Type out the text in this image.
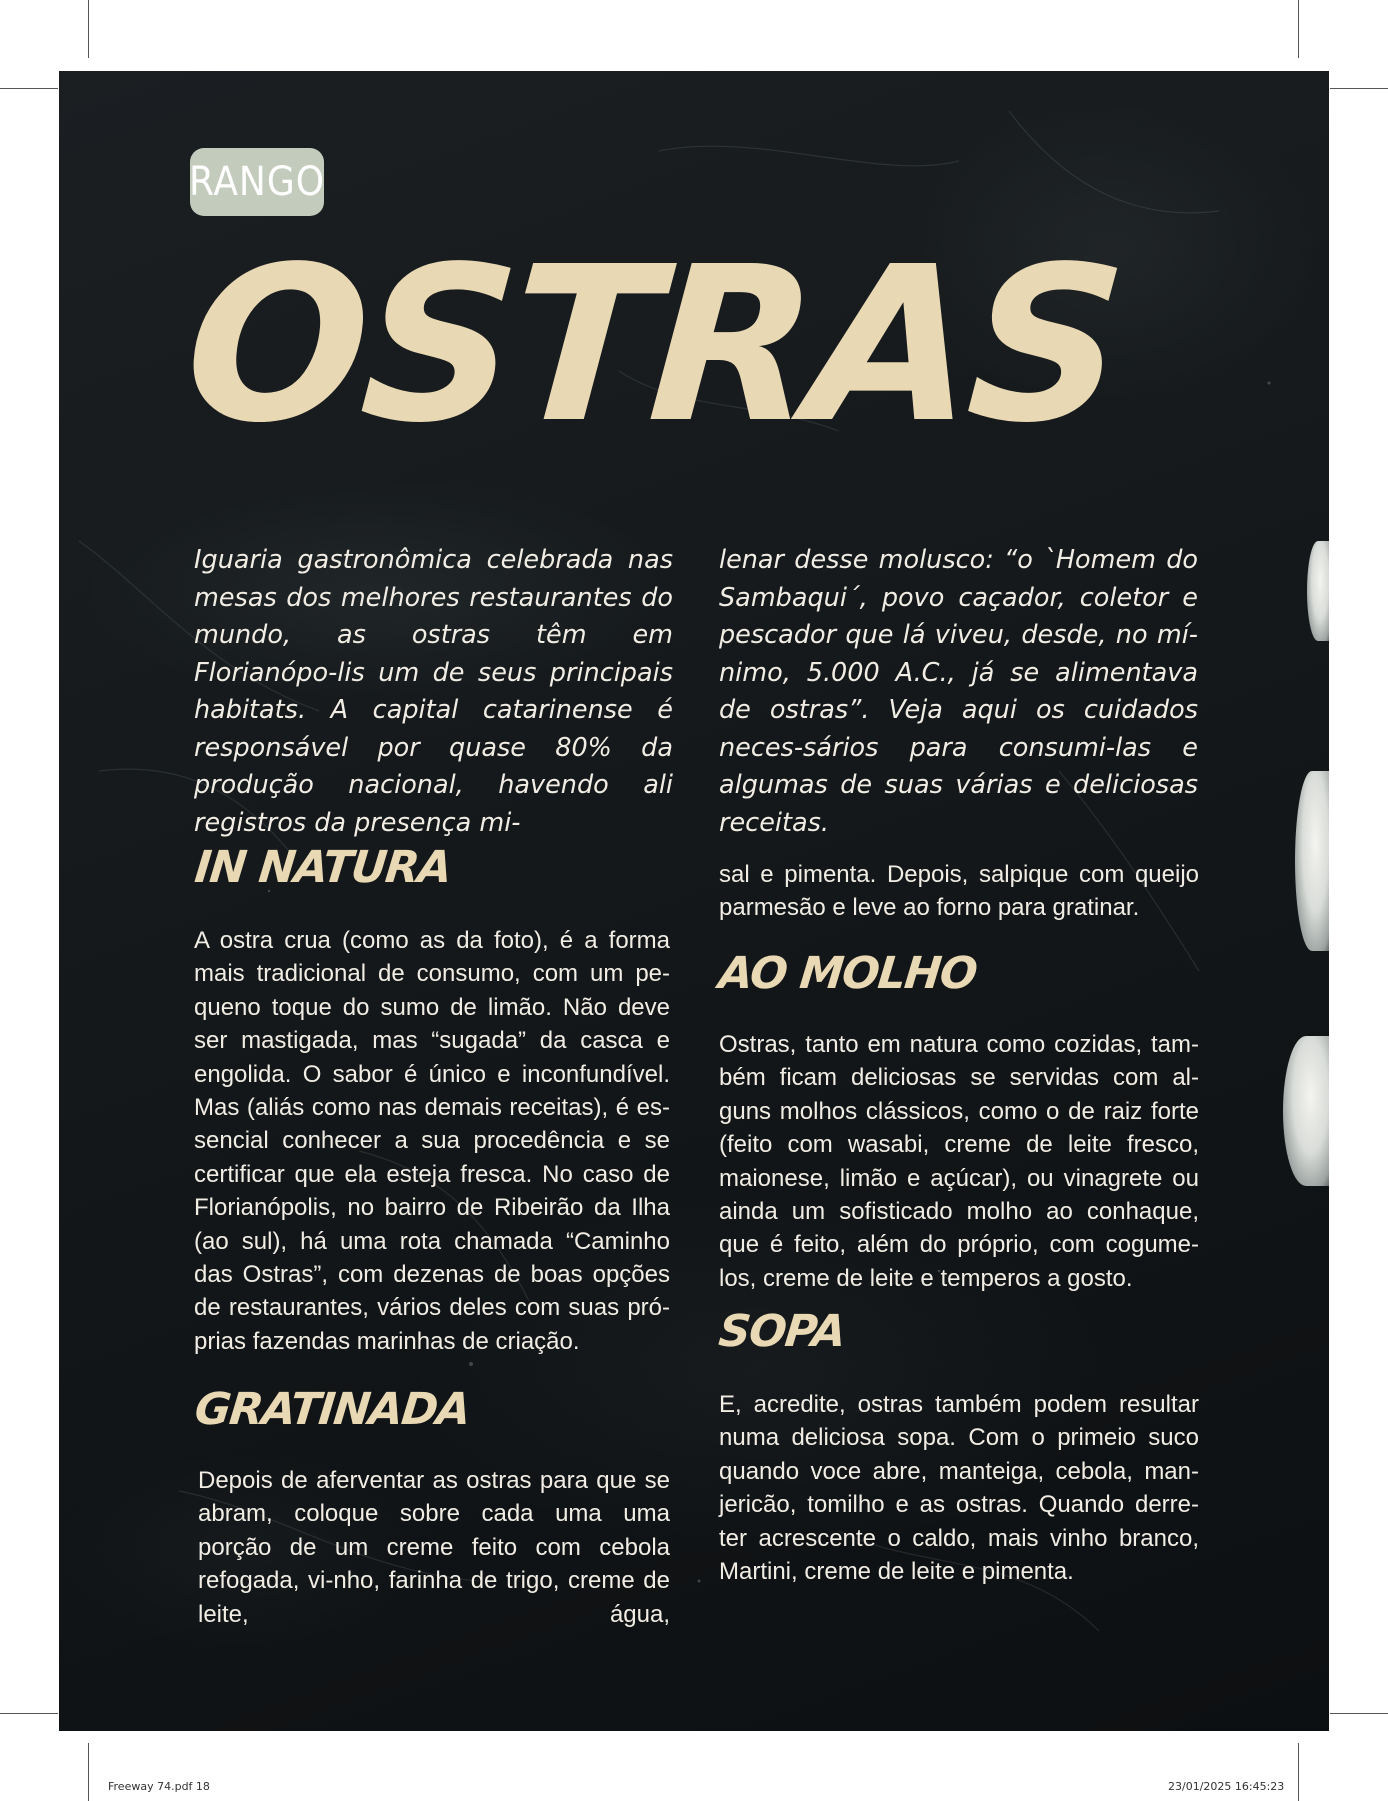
RANGO
OSTRAS
Iguaria gastronômica celebrada nas mesas dos melhores restaurantes do mundo, as ostras têm em Florianópo-lis um de seus principais habitats. A capital catarinense é responsável por quase 80% da produção nacional, havendo ali registros da presença mi-
lenar desse molusco: “o `Homem do Sambaqui´, povo caçador, coletor e pescador que lá viveu, desde, no mí-nimo, 5.000 A.C., já se alimentava de ostras”. Veja aqui os cuidados neces-sários para consumi-las e algumas de suas várias e deliciosas receitas.
IN NATURA
A ostra crua (como as da foto), é a forma mais tradicional de consumo, com um pe-queno toque do sumo de limão. Não deve ser mastigada, mas “sugada” da casca e engolida. O sabor é único e inconfundível. Mas (aliás como nas demais receitas), é es-sencial conhecer a sua procedência e se certificar que ela esteja fresca. No caso de Florianópolis, no bairro de Ribeirão da Ilha (ao sul), há uma rota chamada “Caminho das Ostras”, com dezenas de boas opções de restaurantes, vários deles com suas pró-prias fazendas marinhas de criação.
GRATINADA
Depois de aferventar as ostras para que se abram, coloque sobre cada uma uma porção de um creme feito com cebola refogada, vi-nho, farinha de trigo, creme de leite, água,
sal e pimenta. Depois, salpique com queijo parmesão e leve ao forno para gratinar.
AO MOLHO
Ostras, tanto em natura como cozidas, tam-bém ficam deliciosas se servidas com al-guns molhos clássicos, como o de raiz forte (feito com wasabi, creme de leite fresco, maionese, limão e açúcar), ou vinagrete ou ainda um sofisticado molho ao conhaque, que é feito, além do próprio, com cogume-los, creme de leite e temperos a gosto.
SOPA
E, acredite, ostras também podem resultar numa deliciosa sopa. Com o primeio suco quando voce abre, manteiga, cebola, man-jericão, tomilho e as ostras. Quando derre-ter acrescente o caldo, mais vinho branco, Martini, creme de leite e pimenta.
Freeway 74.pdf 18	23/01/2025 16:45:23
